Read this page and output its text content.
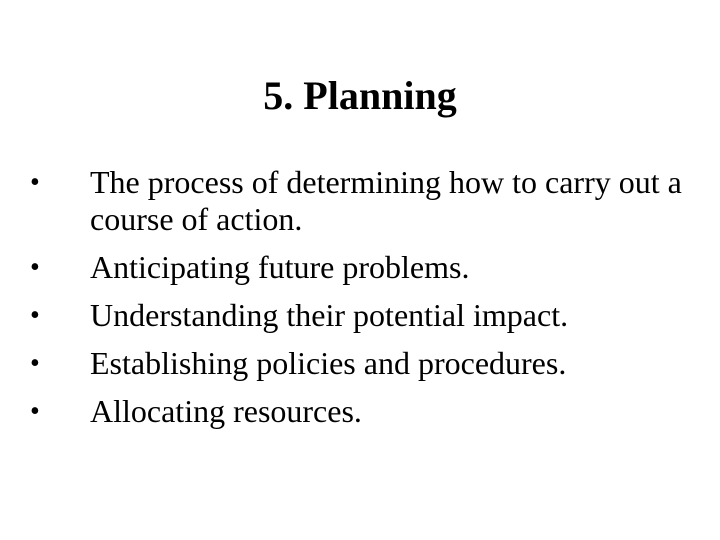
5. Planning
•	The process of determining how to carry out a course of action.
•	Anticipating future problems.
•	Understanding their potential impact.
•	Establishing policies and procedures.
•	Allocating resources.
